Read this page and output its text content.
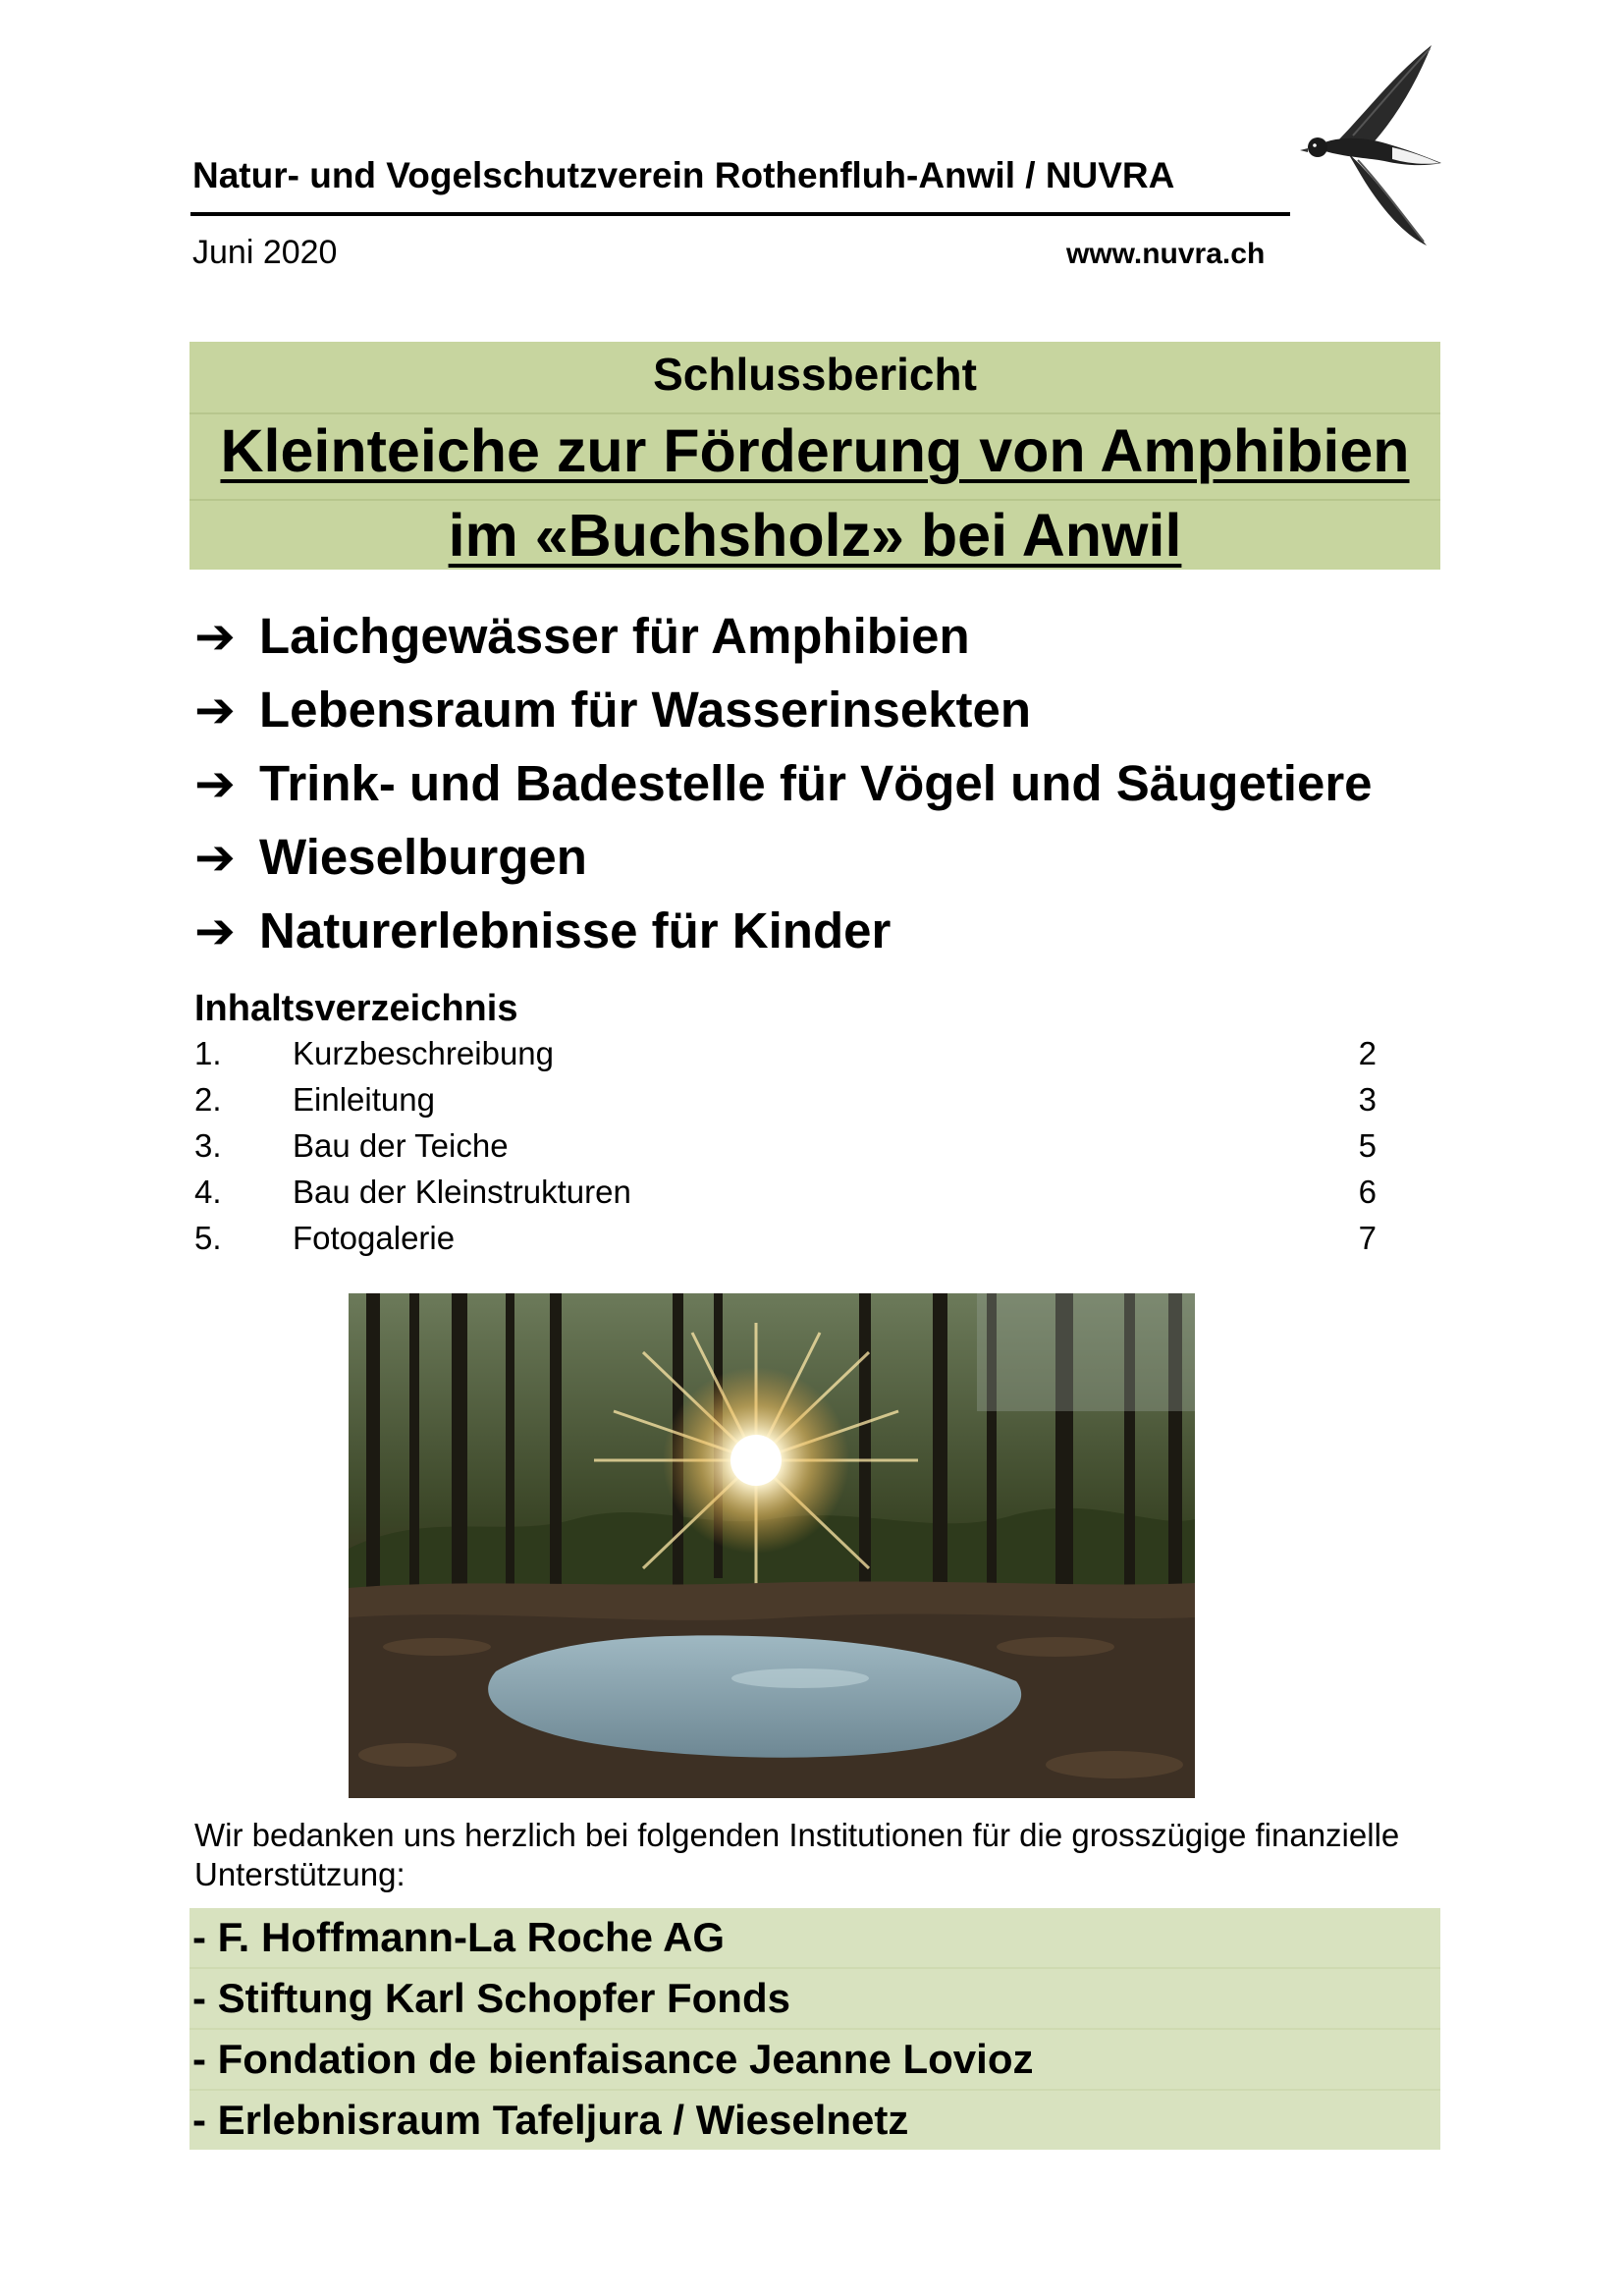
Natur- und Vogelschutzverein Rothenfluh-Anwil / NUVRA
Juni 2020	www.nuvra.ch
Schlussbericht
Kleinteiche zur Förderung von Amphibien
im «Buchsholz» bei Anwil
➔ Laichgewässer für Amphibien
➔ Lebensraum für Wasserinsekten
➔ Trink- und Badestelle für Vögel und Säugetiere
➔ Wieselburgen
➔ Naturerlebnisse für Kinder
Inhaltsverzeichnis
1. Kurzbeschreibung	2
2. Einleitung	3
3. Bau der Teiche	5
4. Bau der Kleinstrukturen	6
5. Fotogalerie	7
Wir bedanken uns herzlich bei folgenden Institutionen für die grosszügige finanzielle Unterstützung:
- F. Hoffmann-La Roche AG
- Stiftung Karl Schopfer Fonds
- Fondation de bienfaisance Jeanne Lovioz
- Erlebnisraum Tafeljura / Wieselnetz
